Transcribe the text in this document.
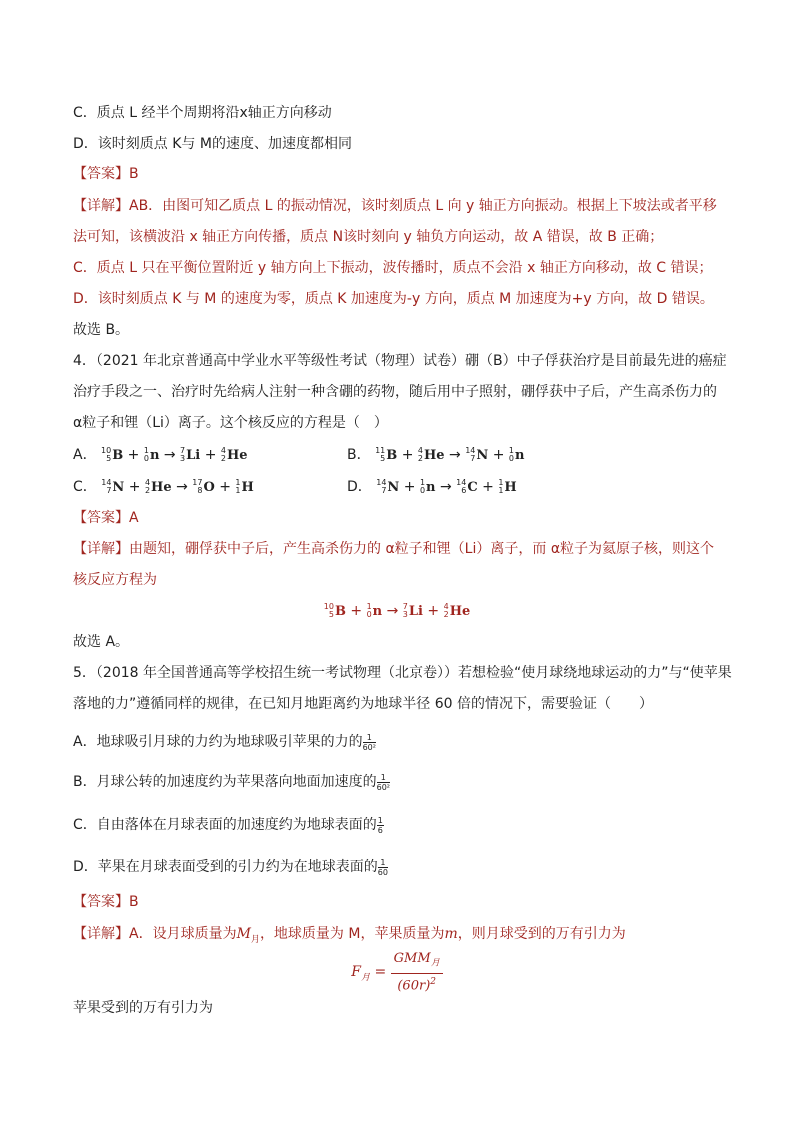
C．质点 L 经半个周期将沿x轴正方向移动
D．该时刻质点 K与 M的速度、加速度都相同
【答案】B
【详解】AB．由图可知乙质点 L 的振动情况，该时刻质点 L 向 y 轴正方向振动。根据上下坡法或者平移
法可知，该横波沿 x 轴正方向传播，质点 N该时刻向 y 轴负方向运动，故 A 错误，故 B 正确；
C．质点 L 只在平衡位置附近 y 轴方向上下振动，波传播时，质点不会沿 x 轴正方向移动，故 C 错误；
D．该时刻质点 K 与 M 的速度为零，质点 K 加速度为-y 方向，质点 M 加速度为+y 方向，故 D 错误。
故选 B。
4．（2021 年北京普通高中学业水平等级性考试（物理）试卷）硼（B）中子俘获治疗是目前最先进的癌症
治疗手段之一、治疗时先给病人注射一种含硼的药物，随后用中子照射，硼俘获中子后，产生高杀伤力的
α粒子和锂（Li）离子。这个核反应的方程是（　）
A． 10
5 B + 1
0 n → 7
3 Li + 4
2 He	B． 11
5 B + 4
2 He → 14
7 N + 1
0 n
C． 14
7 N + 4
2 He → 17
8 O + 1
1 H	D． 14
7 N + 1
0 n → 14
6 C + 1
1 H
【答案】A
【详解】由题知，硼俘获中子后，产生高杀伤力的 α粒子和锂（Li）离子，而 α粒子为氦原子核，则这个
核反应方程为
10
5 B + 1
0 n → 7
3 Li + 4
2 He
故选 A。
5．（2018 年全国普通高等学校招生统一考试物理（北京卷））若想检验“使月球绕地球运动的力”与“使苹果
落地的力”遵循同样的规律，在已知月地距离约为地球半径 60 倍的情况下，需要验证（　　）
A．地球吸引月球的力约为地球吸引苹果的力的 $\frac{1}{\text{60²}}$
B．月球公转的加速度约为苹果落向地面加速度的 $\frac{1}{\text{60²}}$
C．自由落体在月球表面的加速度约为地球表面的 $\frac{1}{6}$
D．苹果在月球表面受到的引力约为在地球表面的 $\frac{1}{60}$
【答案】B
【详解】A．设月球质量为$M_月$，地球质量为 M，苹果质量为m，则月球受到的万有引力为
$F_月$ =
$GMM_月$
$(60r)^2$
苹果受到的万有引力为
